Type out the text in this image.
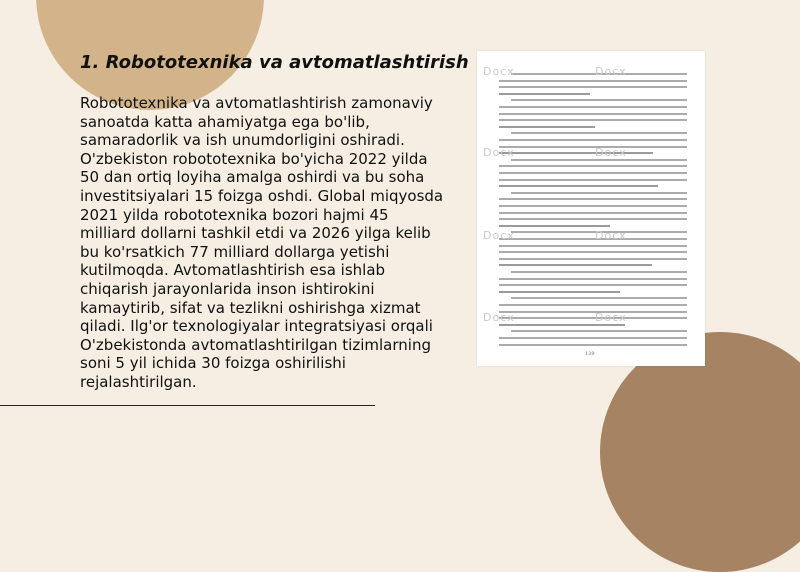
1. Robototexnika va avtomatlashtirish

Robototexnika va avtomatlashtirish zamonaviy sanoatda katta ahamiyatga ega bo'lib, samaradorlik va ish unumdorligini oshiradi. O'zbekiston robototexnika bo'yicha 2022 yilda 50 dan ortiq loyiha amalga oshirdi va bu soha investitsiyalari 15 foizga oshdi. Global miqyosda 2021 yilda robototexnika bozori hajmi 45 milliard dollarni tashkil etdi va 2026 yilga kelib bu ko'rsatkich 77 milliard dollarga yetishi kutilmoqda. Avtomatlashtirish esa ishlab chiqarish jarayonlarida inson ishtirokini kamaytirib, sifat va tezlikni oshirishga xizmat qiladi. Ilg'or texnologiyalar integratsiyasi orqali O'zbekistonda avtomatlashtirilgan tizimlarning soni 5 yil ichida 30 foizga oshirilishi rejalashtirilgan.

Docx	Docx
Docx	Docx
Docx	Docx
Docx	Docx
139
